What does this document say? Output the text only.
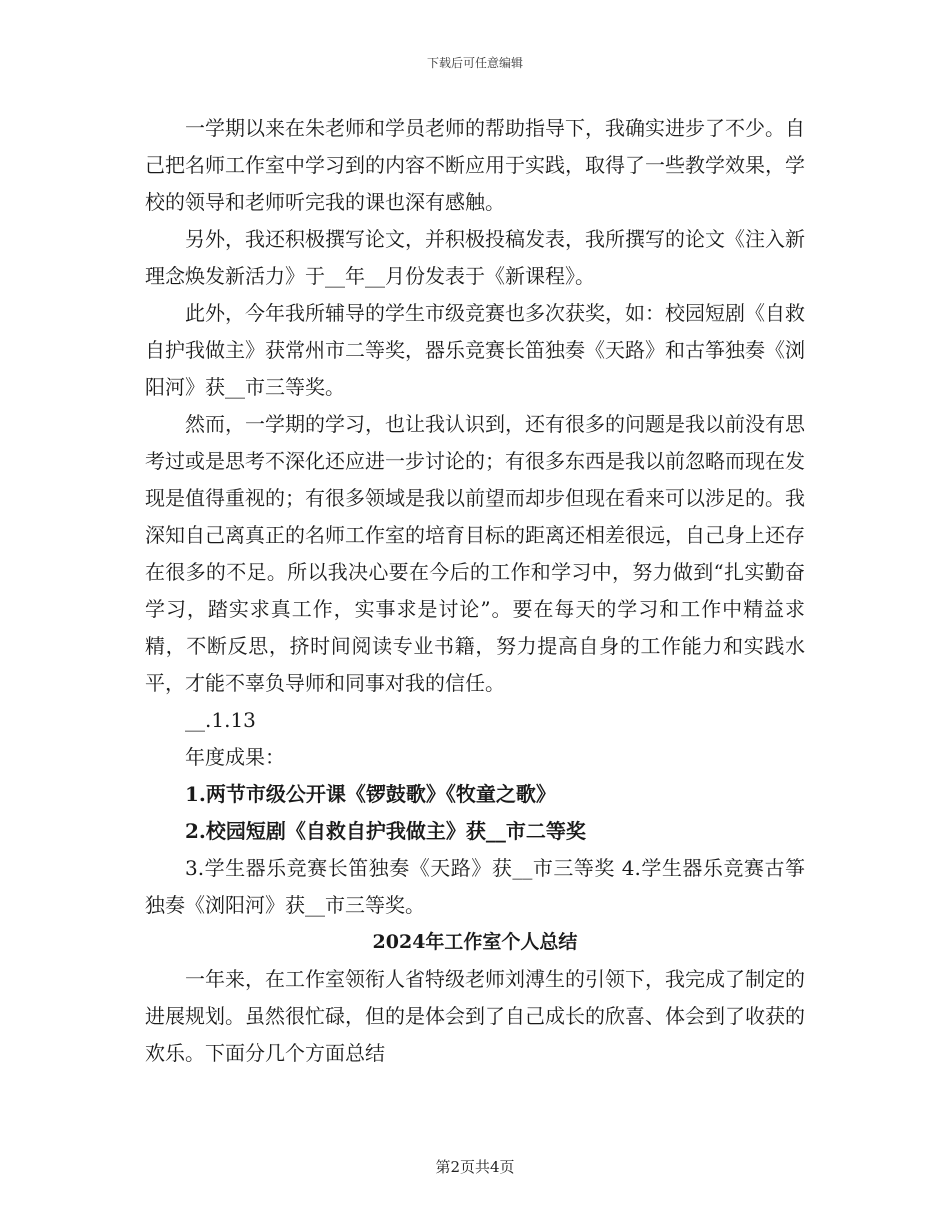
下载后可任意编辑

一学期以来在朱老师和学员老师的帮助指导下，我确实进步了不少。自己把名师工作室中学习到的内容不断应用于实践，取得了一些教学效果，学校的领导和老师听完我的课也深有感触。

另外，我还积极撰写论文，并积极投稿发表，我所撰写的论文《注入新理念焕发新活力》于__年__月份发表于《新课程》。

此外，今年我所辅导的学生市级竞赛也多次获奖，如：校园短剧《自救自护我做主》获常州市二等奖，器乐竞赛长笛独奏《天路》和古筝独奏《浏阳河》获__市三等奖。

然而，一学期的学习，也让我认识到，还有很多的问题是我以前没有思考过或是思考不深化还应进一步讨论的；有很多东西是我以前忽略而现在发现是值得重视的；有很多领域是我以前望而却步但现在看来可以涉足的。我深知自己离真正的名师工作室的培育目标的距离还相差很远，自己身上还存在很多的不足。所以我决心要在今后的工作和学习中，努力做到“扎实勤奋学习，踏实求真工作，实事求是讨论”。要在每天的学习和工作中精益求精，不断反思，挤时间阅读专业书籍，努力提高自身的工作能力和实践水平，才能不辜负导师和同事对我的信任。

__.1.13

年度成果：

1.两节市级公开课《锣鼓歌》《牧童之歌》

2.校园短剧《自救自护我做主》获__市二等奖

3.学生器乐竞赛长笛独奏《天路》获__市三等奖 4.学生器乐竞赛古筝独奏《浏阳河》获__市三等奖。

2024年工作室个人总结

一年来，在工作室领衔人省特级老师刘溥生的引领下，我完成了制定的进展规划。虽然很忙碌，但的是体会到了自己成长的欣喜、体会到了收获的欢乐。下面分几个方面总结

第2页共4页
